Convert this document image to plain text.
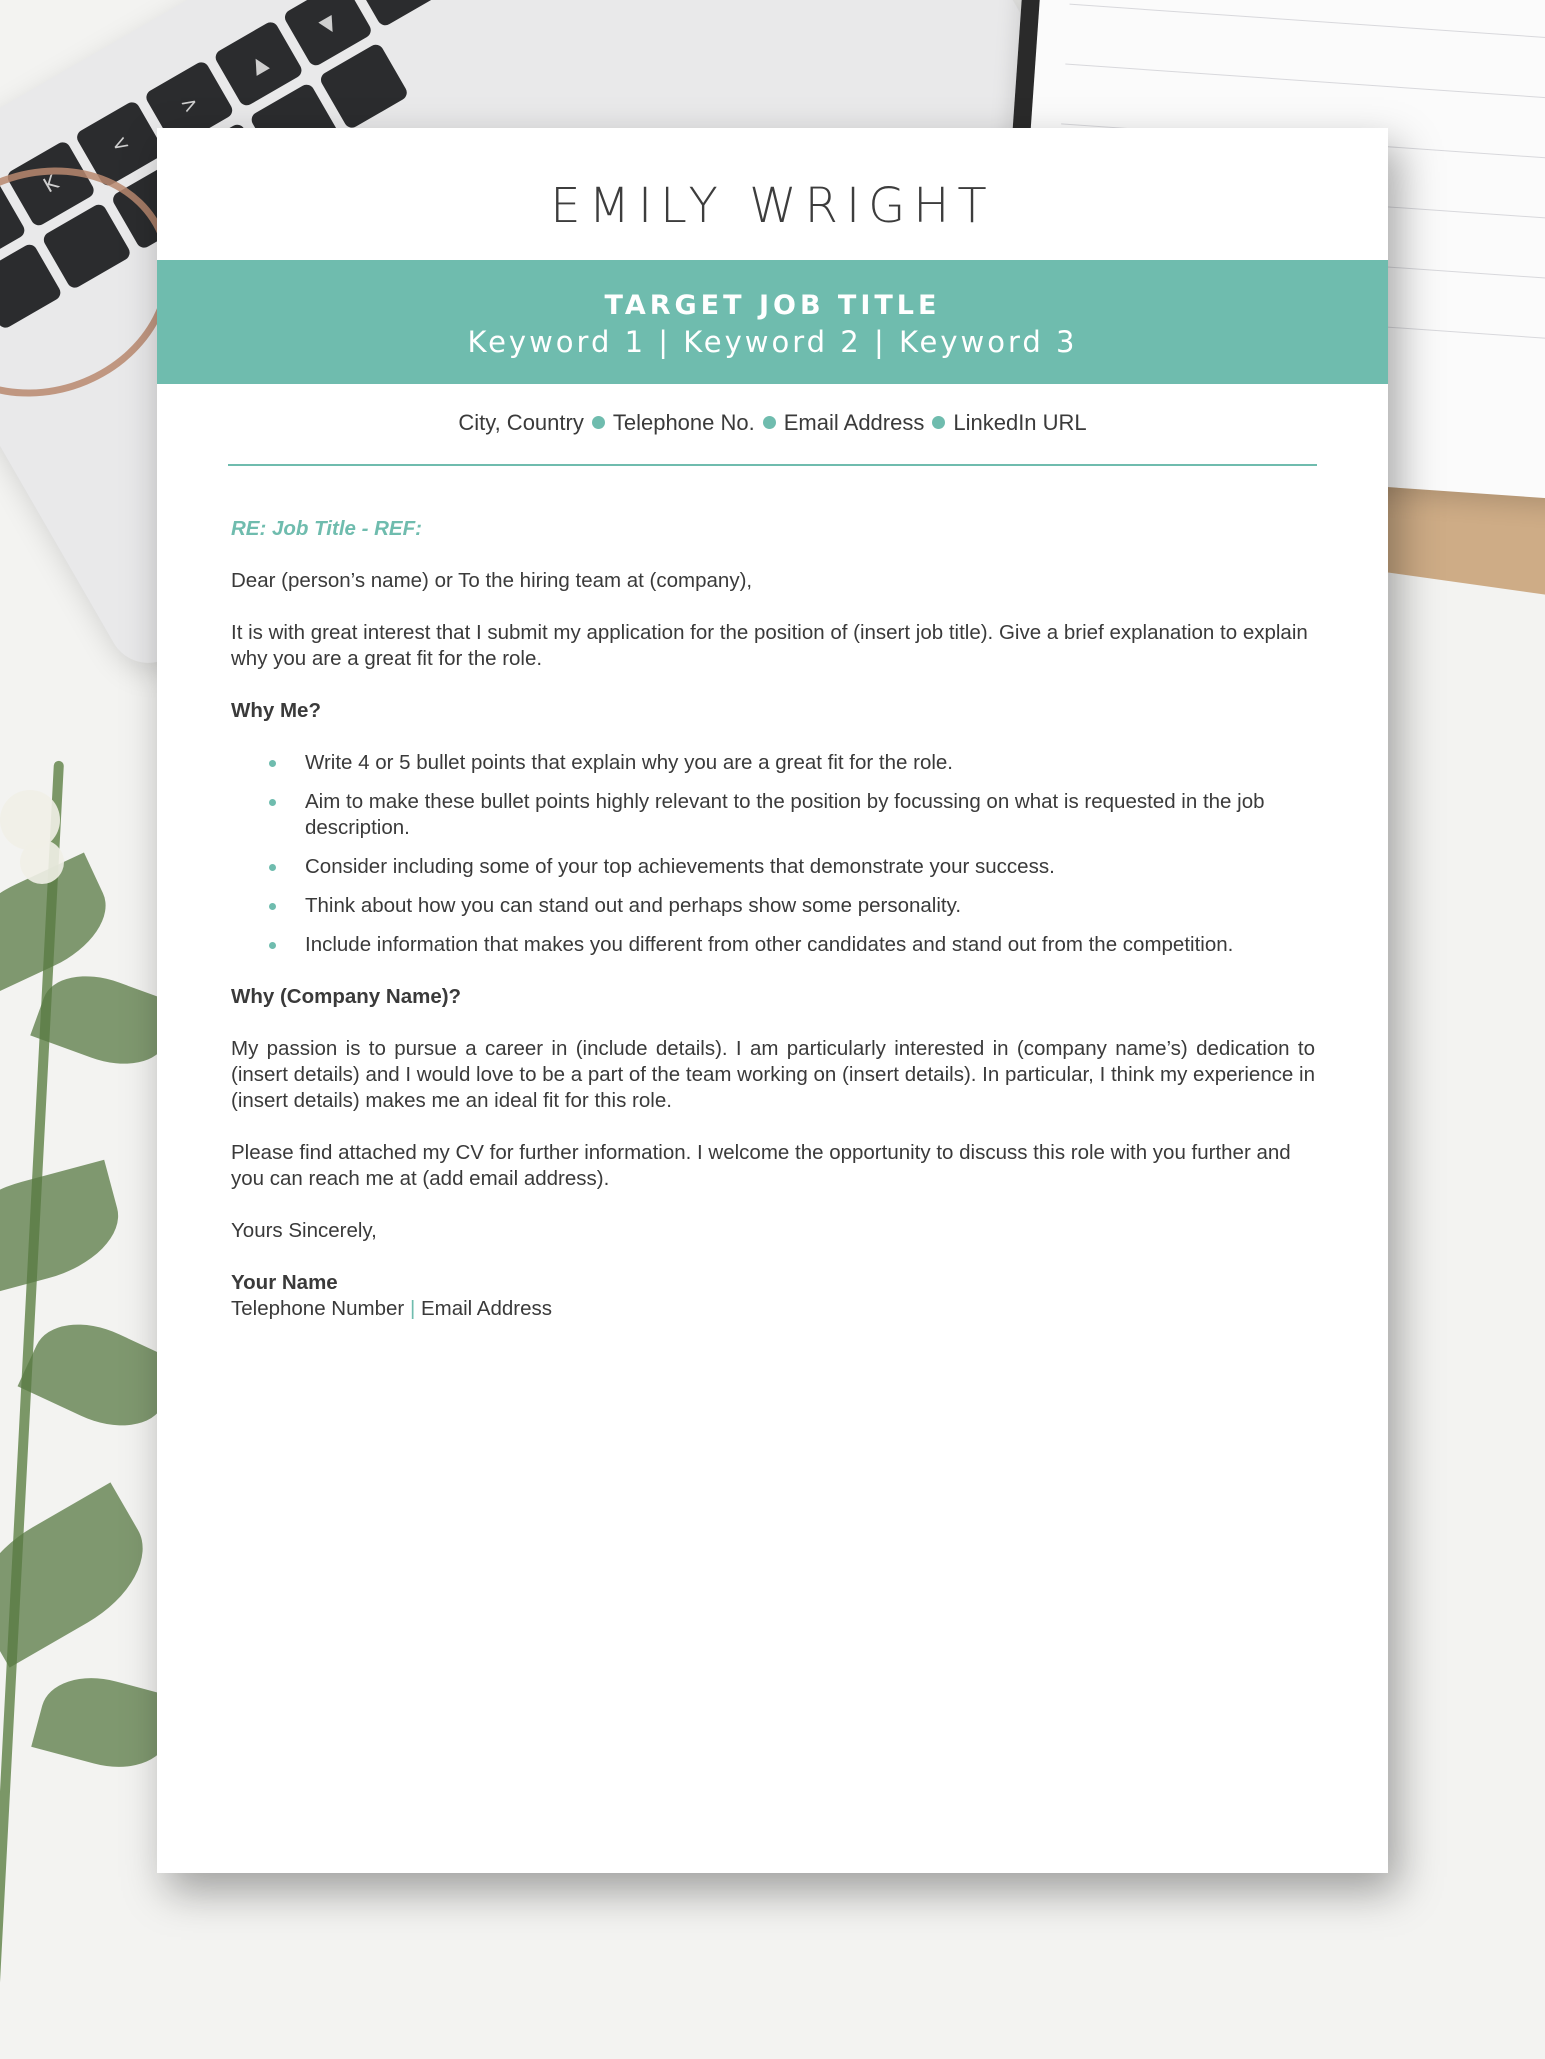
K
<
>
▲
▼
EMILY WRIGHT
TARGET JOB TITLE
Keyword 1 | Keyword 2 | Keyword 3
City, Country Telephone No. Email Address LinkedIn URL

RE: Job Title - REF:

Dear (person’s name) or To the hiring team at (company),

It is with great interest that I submit my application for the position of (insert job title). Give a brief explanation to explain why you are a great fit for the role.

Why Me?

Write 4 or 5 bullet points that explain why you are a great fit for the role.
Aim to make these bullet points highly relevant to the position by focussing on what is requested in the job description.
Consider including some of your top achievements that demonstrate your success.
Think about how you can stand out and perhaps show some personality.
Include information that makes you different from other candidates and stand out from the competition.

Why (Company Name)?

My passion is to pursue a career in (include details). I am particularly interested in (company name’s) dedication to (insert details) and I would love to be a part of the team working on (insert details). In particular, I think my experience in (insert details) makes me an ideal fit for this role.

Please find attached my CV for further information. I welcome the opportunity to discuss this role with you further and you can reach me at (add email address).

Yours Sincerely,

Your Name
Telephone Number | Email Address
